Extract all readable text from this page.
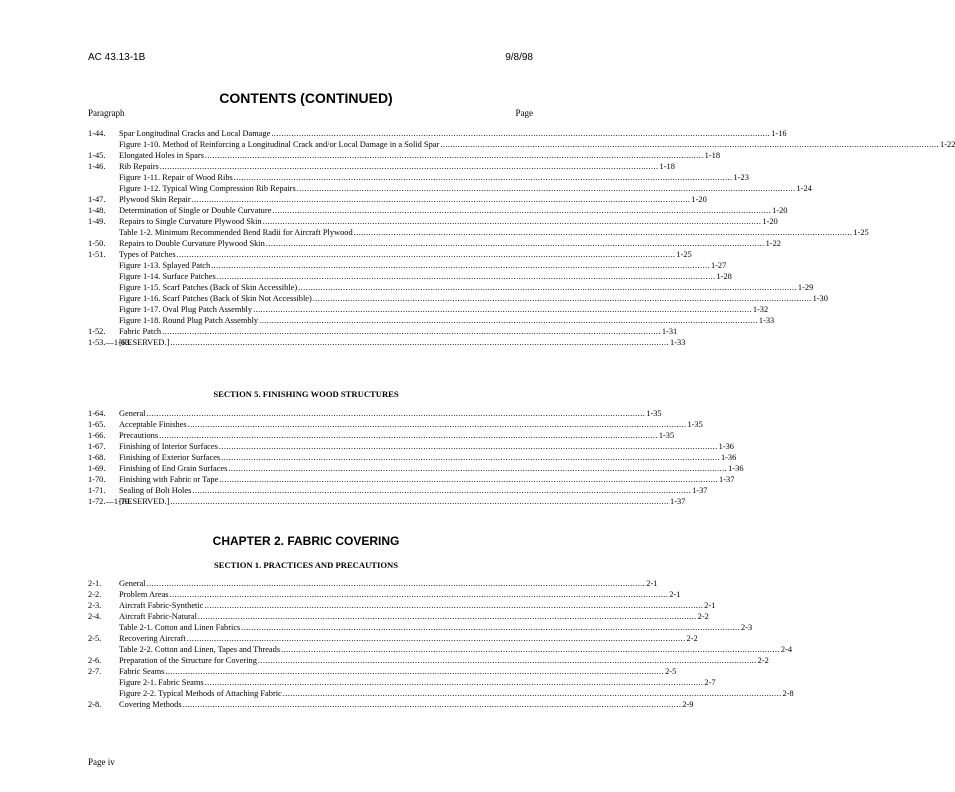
AC 43.13-1B	9/8/98
CONTENTS (CONTINUED)
Paragraph	Page
1-44. Spar Longitudinal Cracks and Local Damage ........................................................................................................................................................................................................ 1-16
Figure 1-10. Method of Reinforcing a Longitudinal Crack and/or Local Damage in a Solid Spar ........................................................................................................................................................................................................ 1-22
1-45. Elongated Holes in Spars ........................................................................................................................................................................................................ 1-18
1-46. Rib Repairs ........................................................................................................................................................................................................ 1-18
Figure 1-11. Repair of Wood Ribs ........................................................................................................................................................................................................ 1-23
Figure 1-12. Typical Wing Compression Rib Repairs ........................................................................................................................................................................................................ 1-24
1-47. Plywood Skin Repair ........................................................................................................................................................................................................ 1-20
1-48. Determination of Single or Double Curvature ........................................................................................................................................................................................................ 1-20
1-49. Repairs to Single Curvature Plywood Skin ........................................................................................................................................................................................................ 1-20
Table 1-2. Minimum Recommended Bend Radii for Aircraft Plywood ........................................................................................................................................................................................................ 1-25
1-50. Repairs to Double Curvature Plywood Skin ........................................................................................................................................................................................................ 1-22
1-51. Types of Patches ........................................................................................................................................................................................................ 1-25
Figure 1-13. Splayed Patch ........................................................................................................................................................................................................ 1-27
Figure 1-14. Surface Patches ........................................................................................................................................................................................................ 1-28
Figure 1-15. Scarf Patches (Back of Skin Accessible) ........................................................................................................................................................................................................ 1-29
Figure 1-16. Scarf Patches (Back of Skin Not Accessible) ........................................................................................................................................................................................................ 1-30
Figure 1-17. Oval Plug Patch Assembly ........................................................................................................................................................................................................ 1-32
Figure 1-18. Round Plug Patch Assembly ........................................................................................................................................................................................................ 1-33
1-52. Fabric Patch ........................................................................................................................................................................................................ 1-31
1-53.—1-63.
[RESERVED.] ........................................................................................................................................................................................................ 1-33
SECTION 5. FINISHING WOOD STRUCTURES
1-64. General ........................................................................................................................................................................................................ 1-35
1-65. Acceptable Finishes ........................................................................................................................................................................................................ 1-35
1-66. Precautions ........................................................................................................................................................................................................ 1-35
1-67. Finishing of Interior Surfaces ........................................................................................................................................................................................................ 1-36
1-68. Finishing of Exterior Surfaces ........................................................................................................................................................................................................ 1-36
1-69. Finishing of End Grain Surfaces ........................................................................................................................................................................................................ 1-36
1-70. Finishing with Fabric or Tape ........................................................................................................................................................................................................ 1-37
1-71. Sealing of Bolt Holes ........................................................................................................................................................................................................ 1-37
1-72.—1-79.
[RESERVED.] ........................................................................................................................................................................................................ 1-37
CHAPTER 2. FABRIC COVERING
SECTION 1. PRACTICES AND PRECAUTIONS
2-1. General ........................................................................................................................................................................................................ 2-1
2-2. Problem Areas ........................................................................................................................................................................................................ 2-1
2-3. Aircraft Fabric-Synthetic ........................................................................................................................................................................................................ 2-1
2-4. Aircraft Fabric-Natural ........................................................................................................................................................................................................ 2-2
Table 2-1. Cotton and Linen Fabrics ........................................................................................................................................................................................................ 2-3
2-5. Recovering Aircraft ........................................................................................................................................................................................................ 2-2
Table 2-2. Cotton and Linen, Tapes and Threads ........................................................................................................................................................................................................ 2-4
2-6. Preparation of the Structure for Covering ........................................................................................................................................................................................................ 2-2
2-7. Fabric Seams ........................................................................................................................................................................................................ 2-5
Figure 2-1. Fabric Seams ........................................................................................................................................................................................................ 2-7
Figure 2-2. Typical Methods of Attaching Fabric ........................................................................................................................................................................................................ 2-8
2-8. Covering Methods ........................................................................................................................................................................................................ 2-9
Page iv
